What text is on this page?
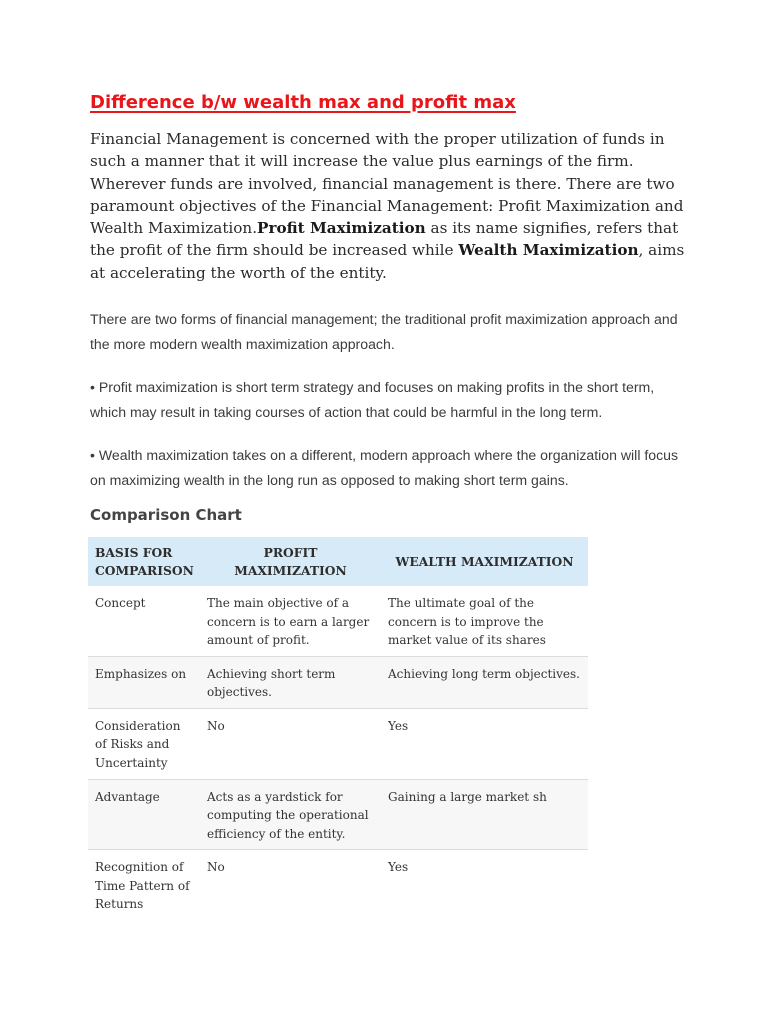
Difference b/w wealth max and profit max

Financial Management is concerned with the proper utilization of funds in such a manner that it will increase the value plus earnings of the firm. Wherever funds are involved, financial management is there. There are two paramount objectives of the Financial Management: Profit Maximization and Wealth Maximization.Profit Maximization as its name signifies, refers that the profit of the firm should be increased while Wealth Maximization, aims at accelerating the worth of the entity.

There are two forms of financial management; the traditional profit maximization approach and the more modern wealth maximization approach.

• Profit maximization is short term strategy and focuses on making profits in the short term, which may result in taking courses of action that could be harmful in the long term.

• Wealth maximization takes on a different, modern approach where the organization will focus on maximizing wealth in the long run as opposed to making short term gains.

Comparison Chart
BASIS FOR COMPARISON	PROFIT MAXIMIZATION	WEALTH MAXIMIZATION
Concept	The main objective of a concern is to earn a larger amount of profit.	The ultimate goal of the concern is to improve the market value of its shares
Emphasizes on	Achieving short term objectives.	Achieving long term objectives.
Consideration of Risks and Uncertainty	No	Yes
Advantage	Acts as a yardstick for computing the operational efficiency of the entity.	Gaining a large market sh
Recognition of Time Pattern of Returns	No	Yes
